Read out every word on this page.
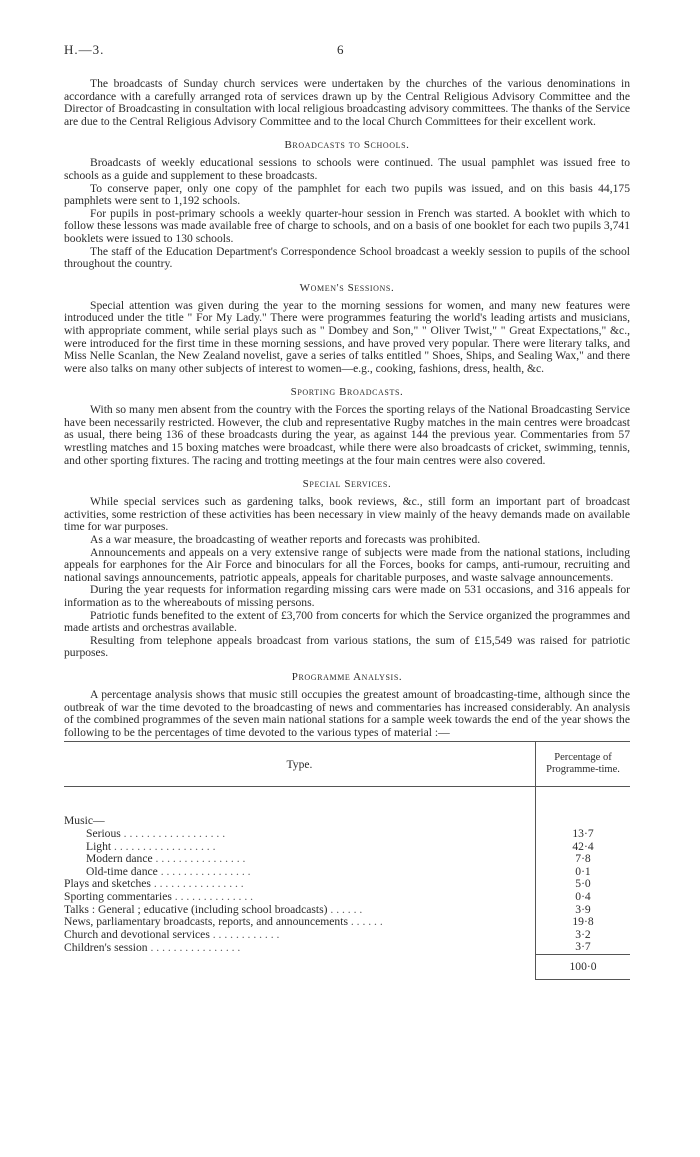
H.—3.	6

The broadcasts of Sunday church services were undertaken by the churches of the various denominations in accordance with a carefully arranged rota of services drawn up by the Central Religious Advisory Committee and the Director of Broadcasting in consultation with local religious broadcasting advisory committees. The thanks of the Service are due to the Central Religious Advisory Committee and to the local Church Committees for their excellent work.

Broadcasts to Schools.

Broadcasts of weekly educational sessions to schools were continued. The usual pamphlet was issued free to schools as a guide and supplement to these broadcasts.

To conserve paper, only one copy of the pamphlet for each two pupils was issued, and on this basis 44,175 pamphlets were sent to 1,192 schools.

For pupils in post-primary schools a weekly quarter-hour session in French was started. A booklet with which to follow these lessons was made available free of charge to schools, and on a basis of one booklet for each two pupils 3,741 booklets were issued to 130 schools.

The staff of the Education Department's Correspondence School broadcast a weekly session to pupils of the school throughout the country.

Women's Sessions.

Special attention was given during the year to the morning sessions for women, and many new features were introduced under the title " For My Lady." There were programmes featuring the world's leading artists and musicians, with appropriate comment, while serial plays such as " Dombey and Son," " Oliver Twist," " Great Expectations," &c., were introduced for the first time in these morning sessions, and have proved very popular. There were literary talks, and Miss Nelle Scanlan, the New Zealand novelist, gave a series of talks entitled " Shoes, Ships, and Sealing Wax," and there were also talks on many other subjects of interest to women—e.g., cooking, fashions, dress, health, &c.

Sporting Broadcasts.

With so many men absent from the country with the Forces the sporting relays of the National Broadcasting Service have been necessarily restricted. However, the club and representative Rugby matches in the main centres were broadcast as usual, there being 136 of these broadcasts during the year, as against 144 the previous year. Commentaries from 57 wrestling matches and 15 boxing matches were broadcast, while there were also broadcasts of cricket, swimming, tennis, and other sporting fixtures. The racing and trotting meetings at the four main centres were also covered.

Special Services.

While special services such as gardening talks, book reviews, &c., still form an important part of broadcast activities, some restriction of these activities has been necessary in view mainly of the heavy demands made on available time for war purposes.

As a war measure, the broadcasting of weather reports and forecasts was prohibited.

Announcements and appeals on a very extensive range of subjects were made from the national stations, including appeals for earphones for the Air Force and binoculars for all the Forces, books for camps, anti-rumour, recruiting and national savings announcements, patriotic appeals, appeals for charitable purposes, and waste salvage announcements.

During the year requests for information regarding missing cars were made on 531 occasions, and 316 appeals for information as to the whereabouts of missing persons.

Patriotic funds benefited to the extent of £3,700 from concerts for which the Service organized the programmes and made artists and orchestras available.

Resulting from telephone appeals broadcast from various stations, the sum of £15,549 was raised for patriotic purposes.

Programme Analysis.

A percentage analysis shows that music still occupies the greatest amount of broadcasting-time, although since the outbreak of war the time devoted to the broadcasting of news and commentaries has increased considerably. An analysis of the combined programmes of the seven main national stations for a sample week towards the end of the year shows the following to be the percentages of time devoted to the various types of material :—

Type.	Percentage of
Programme-time.

Music—	
Serious . . . . . . . . . . . . . . . . . .	13·7
Light . . . . . . . . . . . . . . . . . .	42·4
Modern dance . . . . . . . . . . . . . . . .	7·8
Old-time dance . . . . . . . . . . . . . . . .	0·1
Plays and sketches . . . . . . . . . . . . . . . .	5·0
Sporting commentaries . . . . . . . . . . . . . .	0·4
Talks : General ; educative (including school broadcasts) . . . . . .	3·9
News, parliamentary broadcasts, reports, and announcements . . . . . .	19·8
Church and devotional services . . . . . . . . . . . .	3·2
Children's session . . . . . . . . . . . . . . . .	3·7
	100·0
